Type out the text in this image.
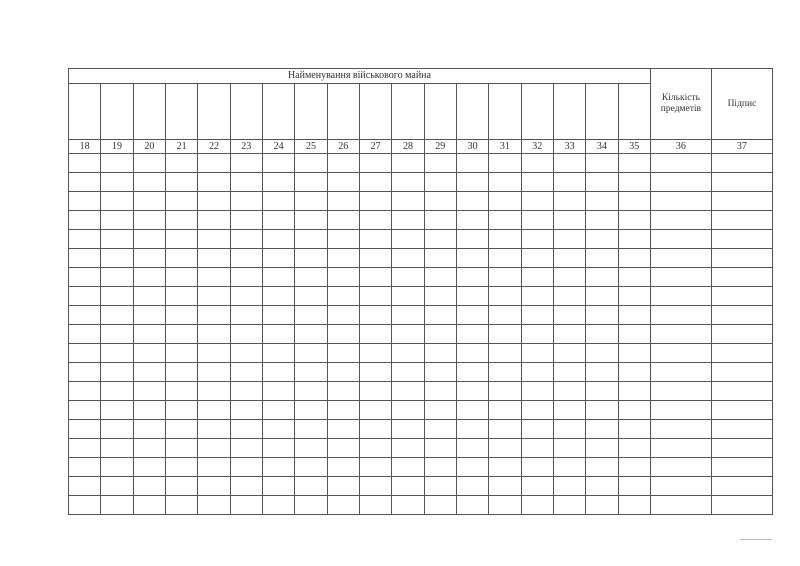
Найменування військового майна																		Кількість предметів	Підпис

18	19	20	21	22	23	24	25	26	27	28	29	30	31	32	33	34	35	36	37
